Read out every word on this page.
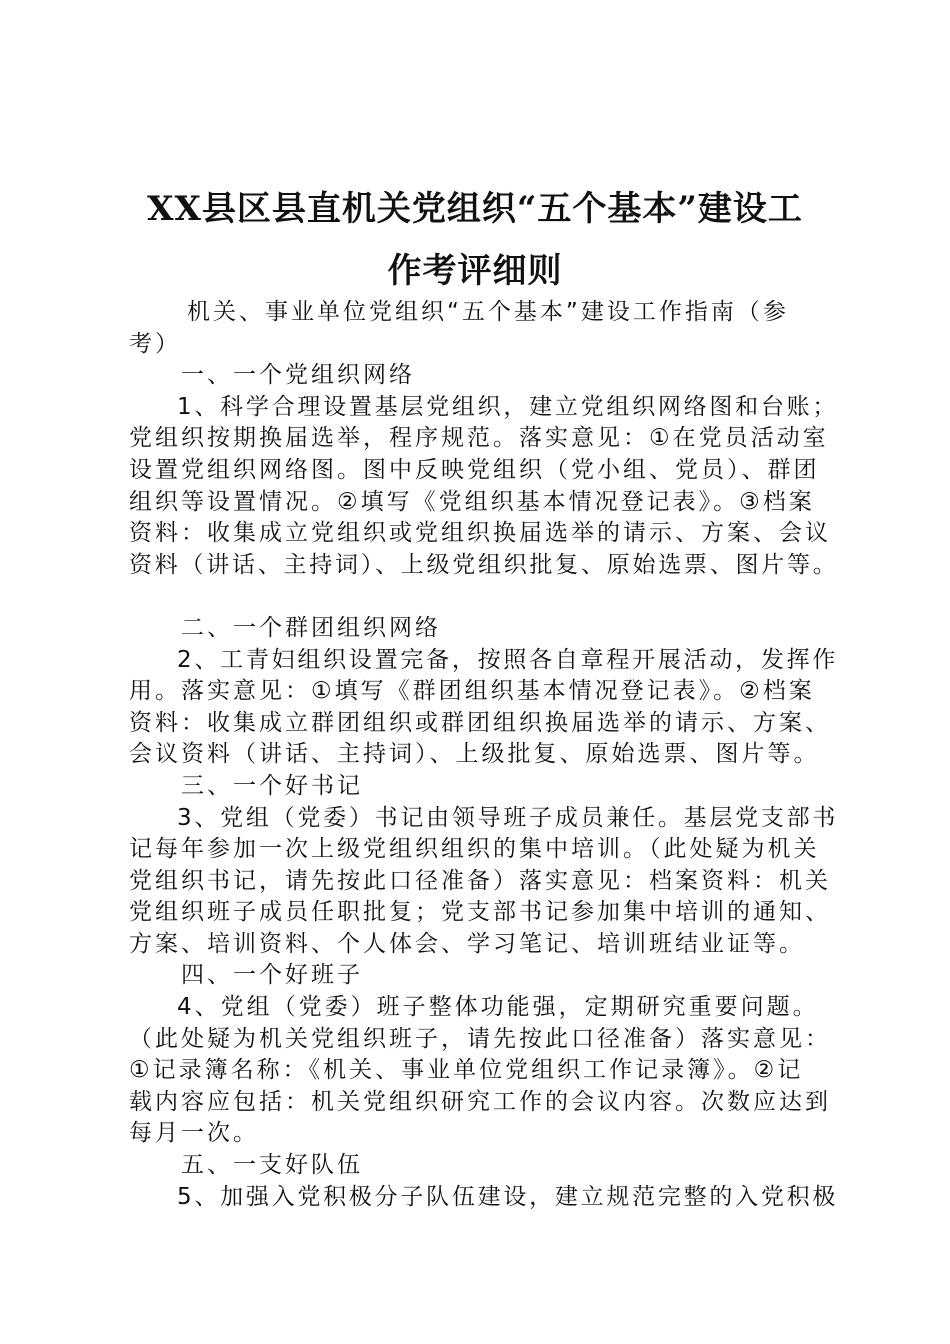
XX县区县直机关党组织“五个基本”建设工
作考评细则

机关、事业单位党组织“五个基本”建设工作指南（参

考）

一、一个党组织网络

1、科学合理设置基层党组织，建立党组织网络图和台账；

党组织按期换届选举，程序规范。落实意见：①在党员活动室

设置党组织网络图。图中反映党组织（党小组、党员）、群团

组织等设置情况。②填写《党组织基本情况登记表》。③档案

资料：收集成立党组织或党组织换届选举的请示、方案、会议

资料（讲话、主持词）、上级党组织批复、原始选票、图片等。

二、一个群团组织网络

2、工青妇组织设置完备，按照各自章程开展活动，发挥作

用。落实意见：①填写《群团组织基本情况登记表》。②档案

资料：收集成立群团组织或群团组织换届选举的请示、方案、

会议资料（讲话、主持词）、上级批复、原始选票、图片等。

三、一个好书记

3、党组（党委）书记由领导班子成员兼任。基层党支部书

记每年参加一次上级党组织组织的集中培训。（此处疑为机关

党组织书记，请先按此口径准备）落实意见：档案资料：机关

党组织班子成员任职批复；党支部书记参加集中培训的通知、

方案、培训资料、个人体会、学习笔记、培训班结业证等。

四、一个好班子

4、党组（党委）班子整体功能强，定期研究重要问题。

（此处疑为机关党组织班子，请先按此口径准备）落实意见：

①记录簿名称：《机关、事业单位党组织工作记录簿》。②记

载内容应包括：机关党组织研究工作的会议内容。次数应达到

每月一次。

五、一支好队伍

5、加强入党积极分子队伍建设，建立规范完整的入党积极
